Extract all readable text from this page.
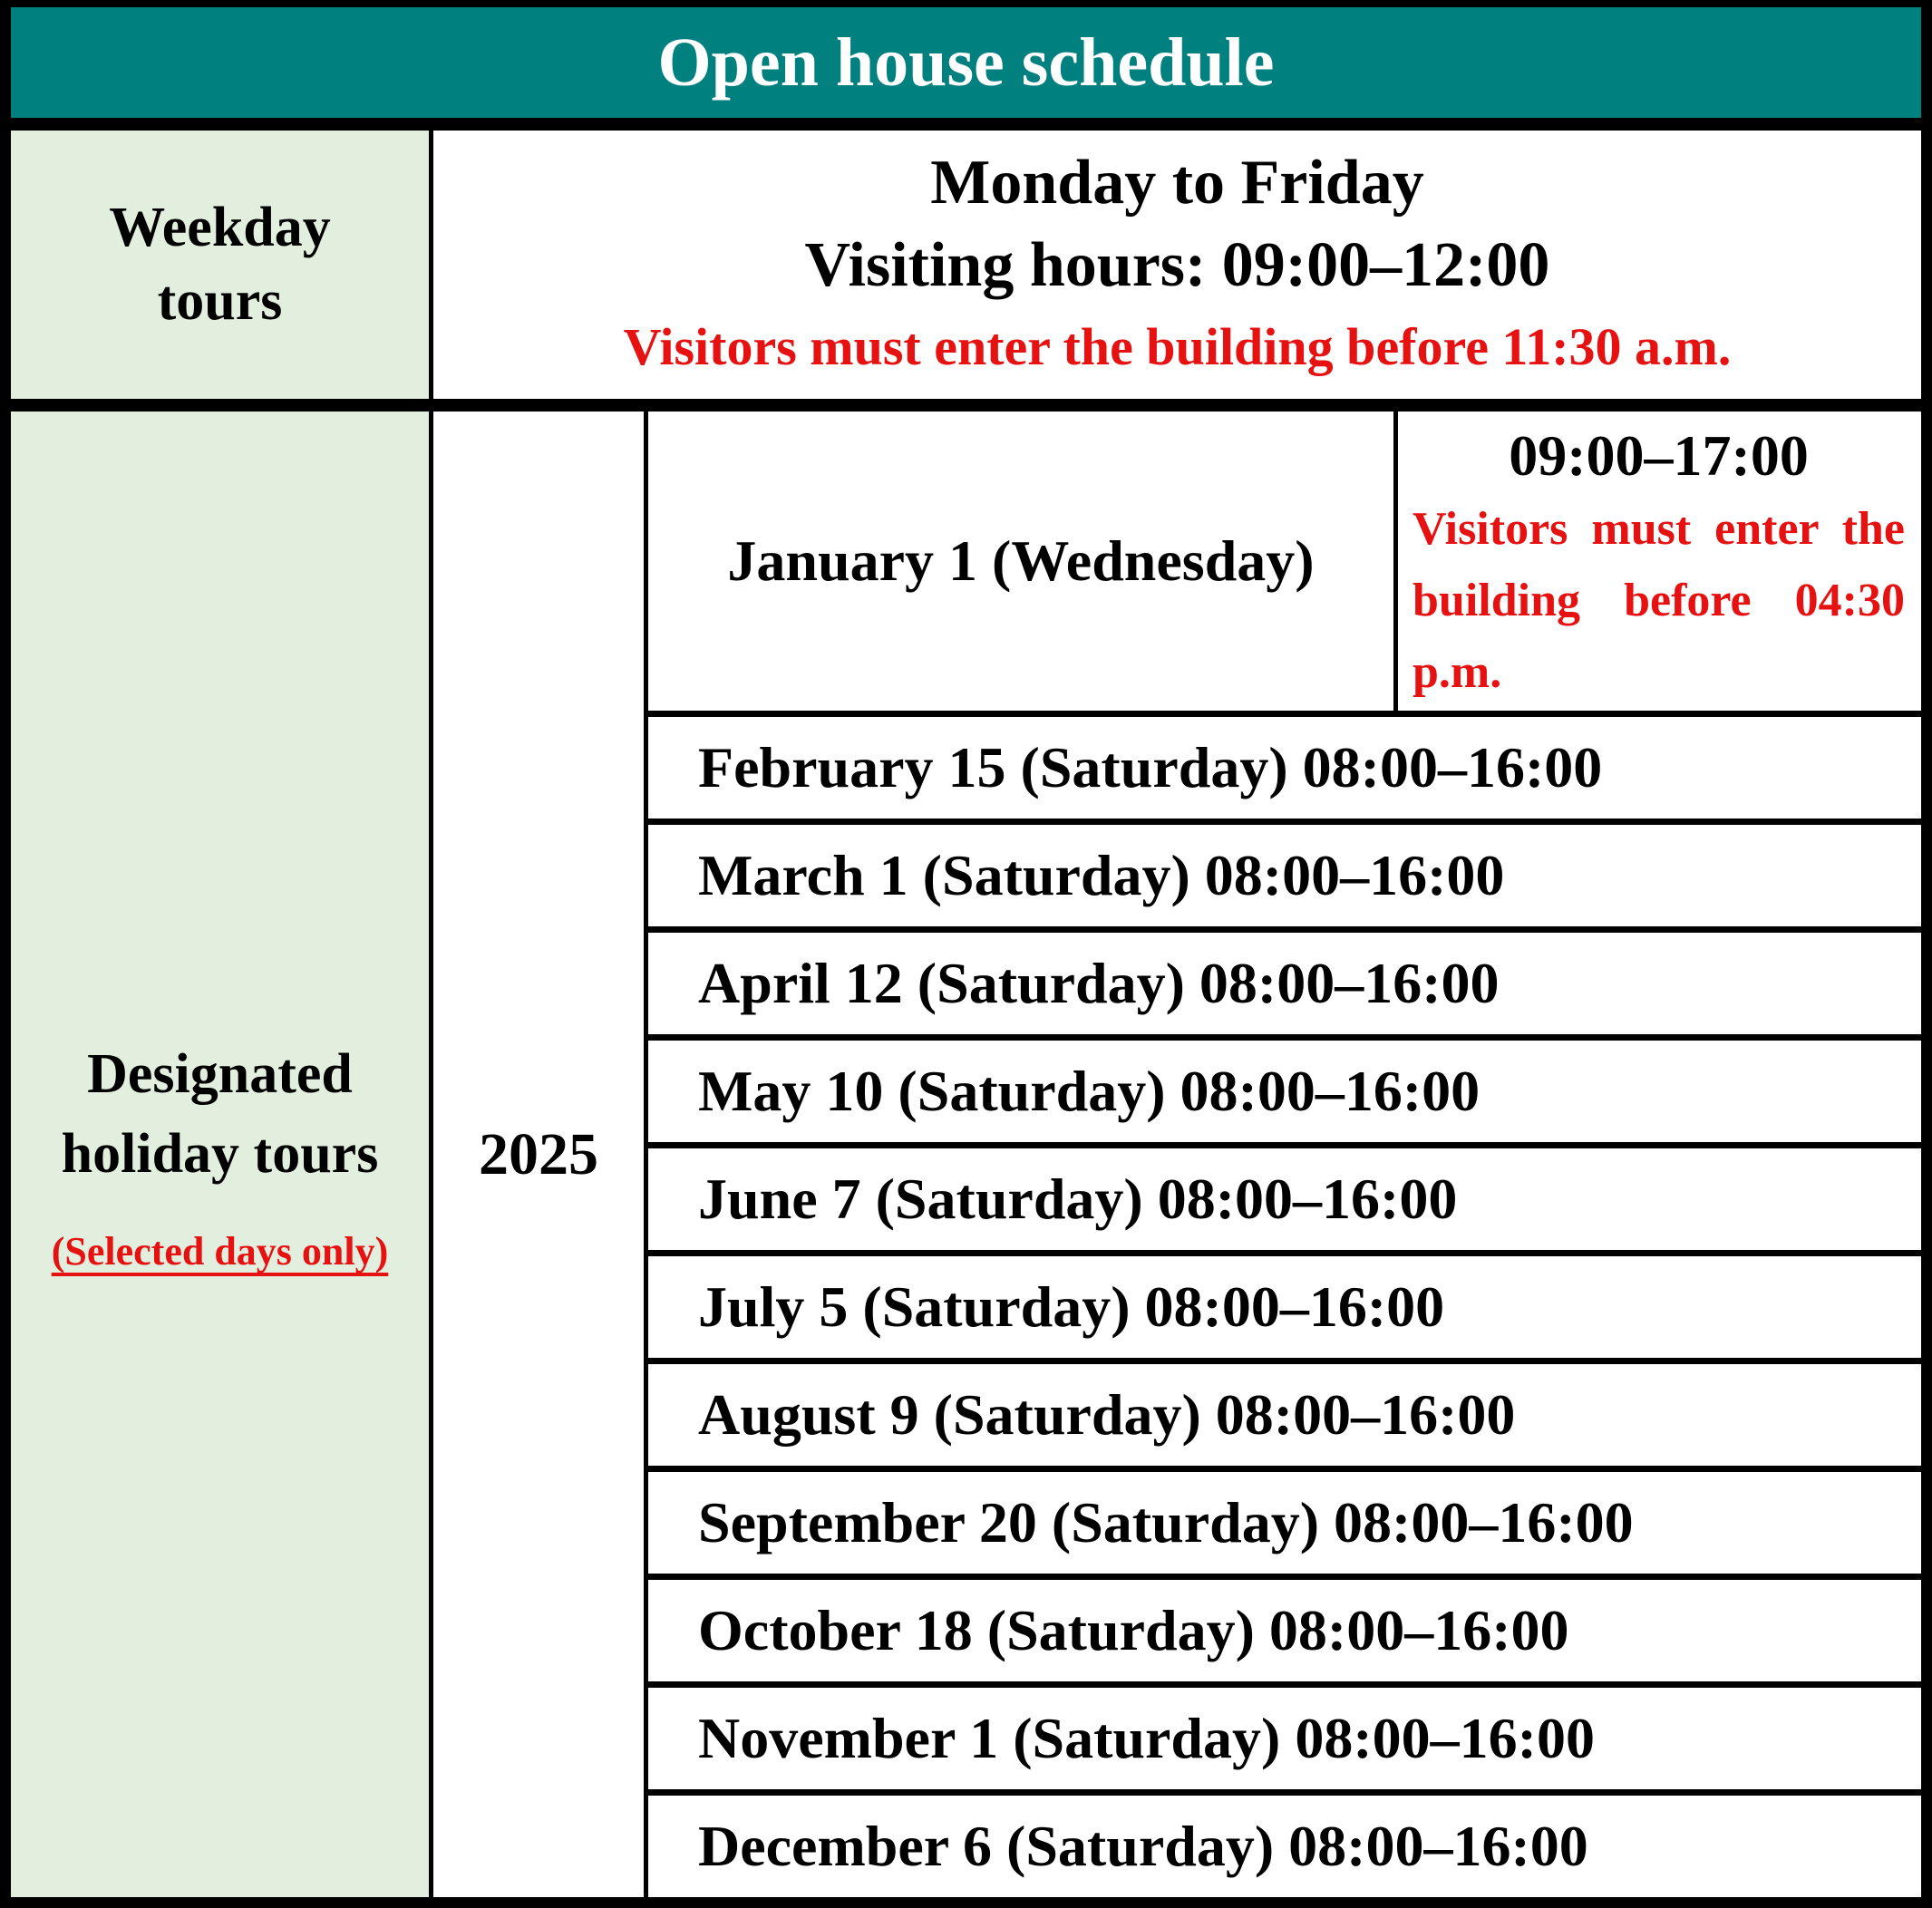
Open house schedule
Weekday tours
Monday to Friday
Visiting hours: 09:00–12:00
Visitors must enter the building before 11:30 a.m.
Designated holiday tours
(Selected days only)
2025
January 1 (Wednesday)
09:00–17:00
Visitors must enter the building before 04:30 p.m.
February 15 (Saturday) 08:00–16:00
March 1 (Saturday) 08:00–16:00
April 12 (Saturday) 08:00–16:00
May 10 (Saturday) 08:00–16:00
June 7 (Saturday) 08:00–16:00
July 5 (Saturday) 08:00–16:00
August 9 (Saturday) 08:00–16:00
September 20 (Saturday) 08:00–16:00
October 18 (Saturday) 08:00–16:00
November 1 (Saturday) 08:00–16:00
December 6 (Saturday) 08:00–16:00
